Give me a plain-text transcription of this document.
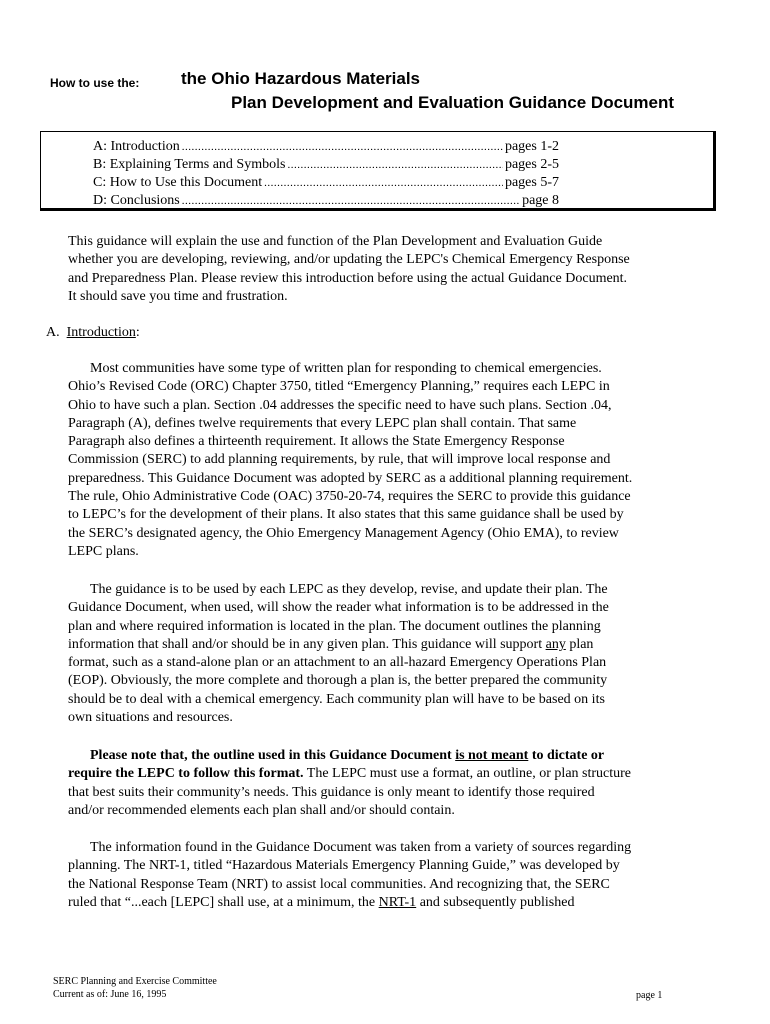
How to use the: the Ohio Hazardous Materials
Plan Development and Evaluation Guidance Document
A: Introduction .....	pages 1-2
B: Explaining Terms and Symbols .....	pages 2-5
C: How to Use this Document .....	pages 5-7
D: Conclusions .....	page 8
This guidance will explain the use and function of the Plan Development and Evaluation Guide
whether you are developing, reviewing, and/or updating the LEPC's Chemical Emergency Response
and Preparedness Plan. Please review this introduction before using the actual Guidance Document.
It should save you time and frustration.
A. Introduction:
Most communities have some type of written plan for responding to chemical emergencies.
Ohio’s Revised Code (ORC) Chapter 3750, titled “Emergency Planning,” requires each LEPC in
Ohio to have such a plan. Section .04 addresses the specific need to have such plans. Section .04,
Paragraph (A), defines twelve requirements that every LEPC plan shall contain. That same
Paragraph also defines a thirteenth requirement. It allows the State Emergency Response
Commission (SERC) to add planning requirements, by rule, that will improve local response and
preparedness. This Guidance Document was adopted by SERC as a additional planning requirement.
The rule, Ohio Administrative Code (OAC) 3750-20-74, requires the SERC to provide this guidance
to LEPC’s for the development of their plans. It also states that this same guidance shall be used by
the SERC’s designated agency, the Ohio Emergency Management Agency (Ohio EMA), to review
LEPC plans.
The guidance is to be used by each LEPC as they develop, revise, and update their plan. The
Guidance Document, when used, will show the reader what information is to be addressed in the
plan and where required information is located in the plan. The document outlines the planning
information that shall and/or should be in any given plan. This guidance will support any plan
format, such as a stand-alone plan or an attachment to an all-hazard Emergency Operations Plan
(EOP). Obviously, the more complete and thorough a plan is, the better prepared the community
should be to deal with a chemical emergency. Each community plan will have to be based on its
own situations and resources.
Please note that, the outline used in this Guidance Document is not meant to dictate or
require the LEPC to follow this format. The LEPC must use a format, an outline, or plan structure
that best suits their community’s needs. This guidance is only meant to identify those required
and/or recommended elements each plan shall and/or should contain.
The information found in the Guidance Document was taken from a variety of sources regarding
planning. The NRT-1, titled “Hazardous Materials Emergency Planning Guide,” was developed by
the National Response Team (NRT) to assist local communities. And recognizing that, the SERC
ruled that “...each [LEPC] shall use, at a minimum, the NRT-1 and subsequently published
SERC Planning and Exercise Committee
Current as of: June 16, 1995	page 1
